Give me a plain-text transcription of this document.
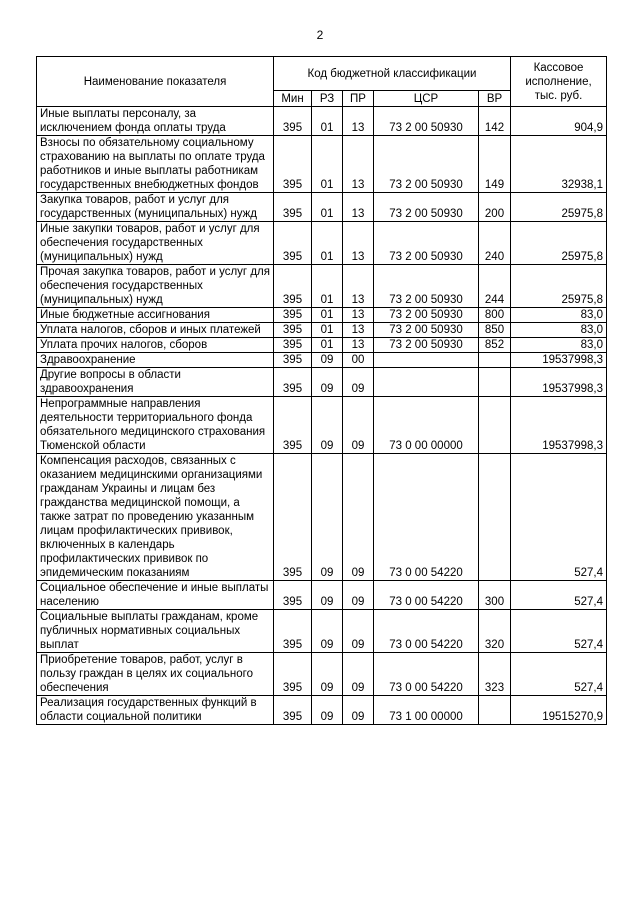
2
Наименование показателя	Код бюджетной классификации					Кассовое исполнение, тыс. руб.
	Мин	РЗ	ПР	ЦСР	ВР	
Иные выплаты персоналу, за исключением фонда оплаты труда	395	01	13	73 2 00 50930	142	904,9
Взносы по обязательному социальному страхованию на выплаты по оплате труда работников и иные выплаты работникам государственных внебюджетных фондов	395	01	13	73 2 00 50930	149	32938,1
Закупка товаров, работ и услуг для государственных (муниципальных) нужд	395	01	13	73 2 00 50930	200	25975,8
Иные закупки товаров, работ и услуг для обеспечения государственных (муниципальных) нужд	395	01	13	73 2 00 50930	240	25975,8
Прочая закупка товаров, работ и услуг для обеспечения государственных (муниципальных) нужд	395	01	13	73 2 00 50930	244	25975,8
Иные бюджетные ассигнования	395	01	13	73 2 00 50930	800	83,0
Уплата налогов, сборов и иных платежей	395	01	13	73 2 00 50930	850	83,0
Уплата прочих налогов, сборов	395	01	13	73 2 00 50930	852	83,0
Здравоохранение	395	09	00			19537998,3
Другие вопросы в области здравоохранения	395	09	09			19537998,3
Непрограммные направления деятельности территориального фонда обязательного медицинского страхования Тюменской области	395	09	09	73 0 00 00000		19537998,3
Компенсация расходов, связанных с оказанием медицинскими организациями гражданам Украины и лицам без гражданства медицинской помощи, а также затрат по проведению указанным лицам профилактических прививок, включенных в календарь профилактических прививок по эпидемическим показаниям	395	09	09	73 0 00 54220		527,4
Социальное обеспечение и иные выплаты населению	395	09	09	73 0 00 54220	300	527,4
Социальные выплаты гражданам, кроме публичных нормативных социальных выплат	395	09	09	73 0 00 54220	320	527,4
Приобретение товаров, работ, услуг в пользу граждан в целях их социального обеспечения	395	09	09	73 0 00 54220	323	527,4
Реализация государственных функций в области социальной политики	395	09	09	73 1 00 00000		19515270,9
